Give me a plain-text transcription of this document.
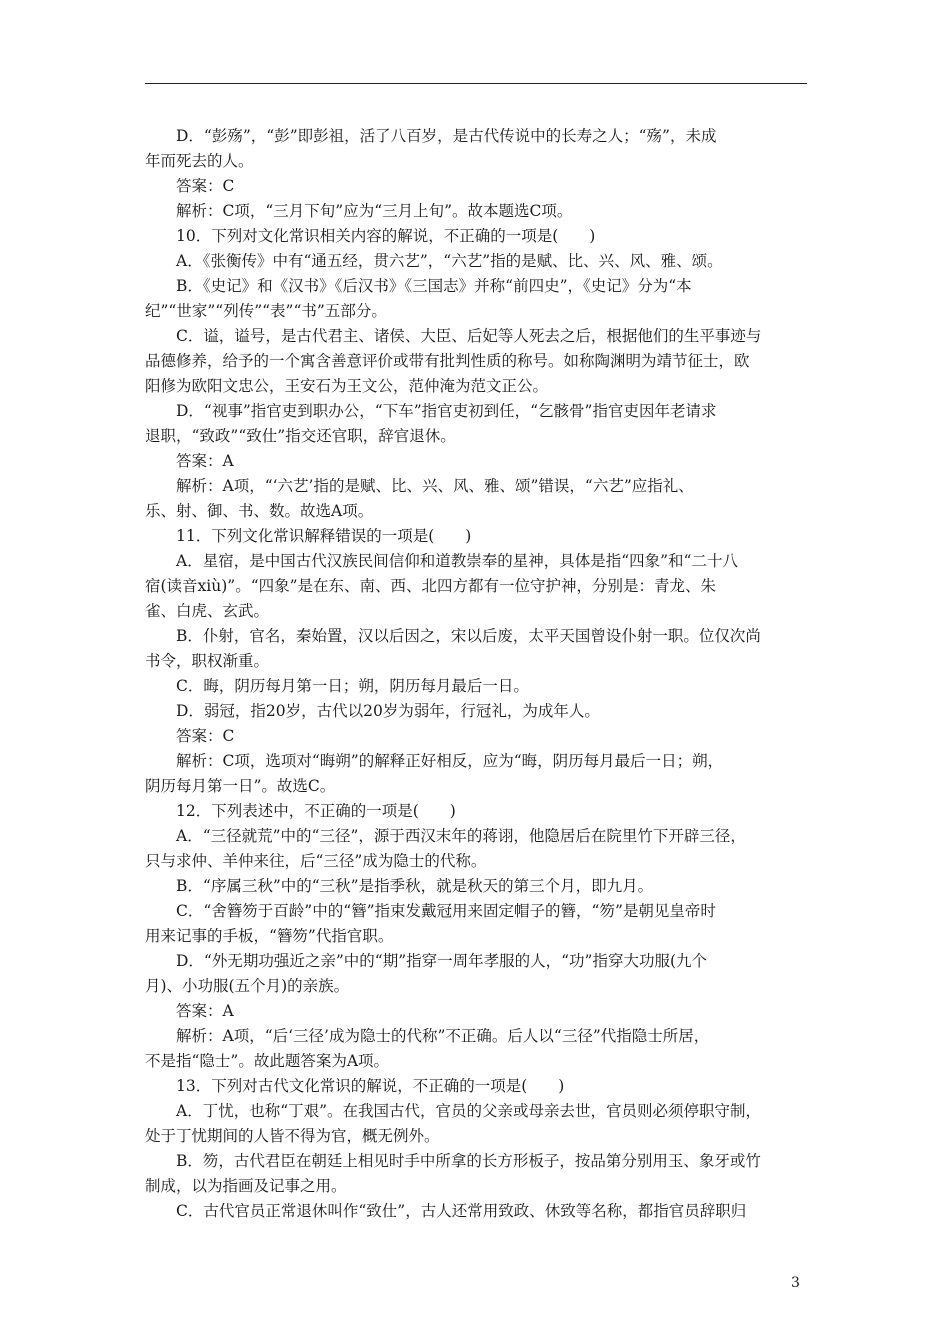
D．“彭殇”，“彭”即彭祖，活了八百岁，是古代传说中的长寿之人；“殇”，未成
年而死去的人。
答案：C
解析：C项，“三月下旬”应为“三月上旬”。故本题选C项。
10．下列对文化常识相关内容的解说，不正确的一项是(　　)
A．《张衡传》中有“通五经，贯六艺”，“六艺”指的是赋、比、兴、风、雅、颂。
B．《史记》和《汉书》《后汉书》《三国志》并称“前四史”，《史记》分为“本
纪”“世家”“列传”“表”“书”五部分。
C．谥，谥号，是古代君主、诸侯、大臣、后妃等人死去之后，根据他们的生平事迹与
品德修养，给予的一个寓含善意评价或带有批判性质的称号。如称陶渊明为靖节征士，欧
阳修为欧阳文忠公，王安石为王文公，范仲淹为范文正公。
D．“视事”指官吏到职办公，“下车”指官吏初到任，“乞骸骨”指官吏因年老请求
退职，“致政”“致仕”指交还官职，辞官退休。
答案：A
解析：A项，“‘六艺’指的是赋、比、兴、风、雅、颂”错误，“六艺”应指礼、
乐、射、御、书、数。故选A项。
11．下列文化常识解释错误的一项是(　　)
A．星宿，是中国古代汉族民间信仰和道教崇奉的星神，具体是指“四象”和“二十八
宿(读音xiù)”。“四象”是在东、南、西、北四方都有一位守护神，分别是：青龙、朱
雀、白虎、玄武。
B．仆射，官名，秦始置，汉以后因之，宋以后废，太平天国曾设仆射一职。位仅次尚
书令，职权渐重。
C．晦，阴历每月第一日；朔，阴历每月最后一日。
D．弱冠，指20岁，古代以20岁为弱年，行冠礼，为成年人。
答案：C
解析：C项，选项对“晦朔”的解释正好相反，应为“晦，阴历每月最后一日；朔，
阴历每月第一日”。故选C。
12．下列表述中，不正确的一项是(　　)
A．“三径就荒”中的“三径”，源于西汉末年的蒋诩，他隐居后在院里竹下开辟三径，
只与求仲、羊仲来往，后“三径”成为隐士的代称。
B．“序属三秋”中的“三秋”是指季秋，就是秋天的第三个月，即九月。
C．“舍簪笏于百龄”中的“簪”指束发戴冠用来固定帽子的簪，“笏”是朝见皇帝时
用来记事的手板，“簪笏”代指官职。
D．“外无期功强近之亲”中的“期”指穿一周年孝服的人，“功”指穿大功服(九个
月)、小功服(五个月)的亲族。
答案：A
解析：A项，“后‘三径’成为隐士的代称”不正确。后人以“三径”代指隐士所居，
不是指“隐士”。故此题答案为A项。
13．下列对古代文化常识的解说，不正确的一项是(　　)
A．丁忧，也称“丁艰”。在我国古代，官员的父亲或母亲去世，官员则必须停职守制，
处于丁忧期间的人皆不得为官，概无例外。
B．笏，古代君臣在朝廷上相见时手中所拿的长方形板子，按品第分别用玉、象牙或竹
制成，以为指画及记事之用。
C．古代官员正常退休叫作“致仕”，古人还常用致政、休致等名称，都指官员辞职归
3
